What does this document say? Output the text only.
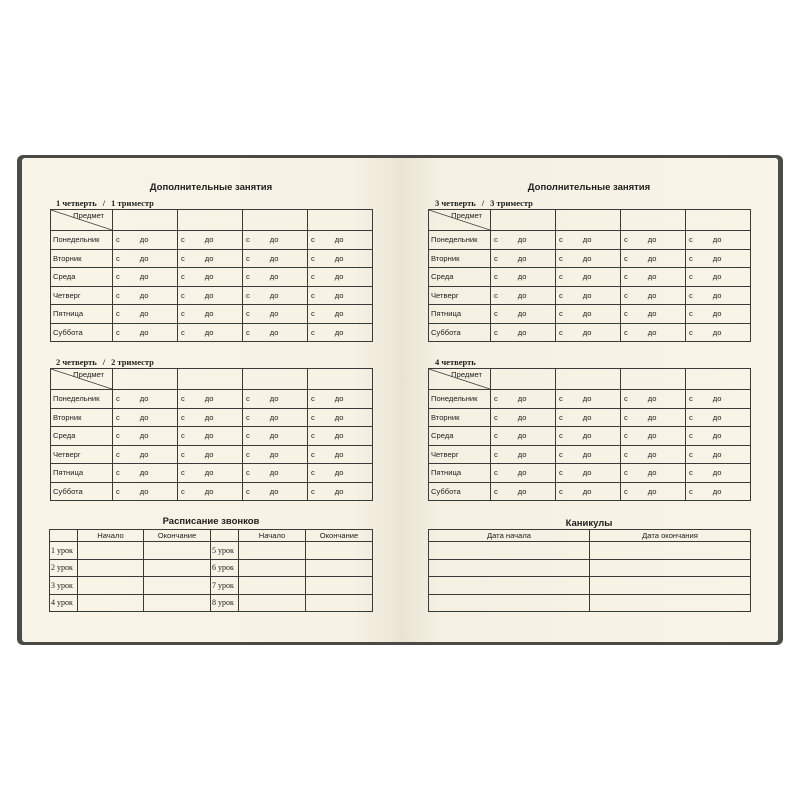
Дополнительные занятия
1 четверть / 1 триместр
Предмет				

Понедельник	с до	с до	с до	с до
Вторник	с до	с до	с до	с до
Среда	с до	с до	с до	с до
Четверг	с до	с до	с до	с до
Пятница	с до	с до	с до	с до
Суббота	с до	с до	с до	с до
2 четверть / 2 триместр
Предмет				

Понедельник	с до	с до	с до	с до
Вторник	с до	с до	с до	с до
Среда	с до	с до	с до	с до
Четверг	с до	с до	с до	с до
Пятница	с до	с до	с до	с до
Суббота	с до	с до	с до	с до
Расписание звонков
	Начало	Окончание		Начало	Окончание
1 урок			5 урок		
2 урок			6 урок		
3 урок			7 урок		
4 урок			8 урок		
Дополнительные занятия
3 четверть / 3 триместр
Предмет				

Понедельник	с до	с до	с до	с до
Вторник	с до	с до	с до	с до
Среда	с до	с до	с до	с до
Четверг	с до	с до	с до	с до
Пятница	с до	с до	с до	с до
Суббота	с до	с до	с до	с до
4 четверть
Предмет				

Понедельник	с до	с до	с до	с до
Вторник	с до	с до	с до	с до
Среда	с до	с до	с до	с до
Четверг	с до	с до	с до	с до
Пятница	с до	с до	с до	с до
Суббота	с до	с до	с до	с до
Каникулы
Дата начала	Дата окончания
